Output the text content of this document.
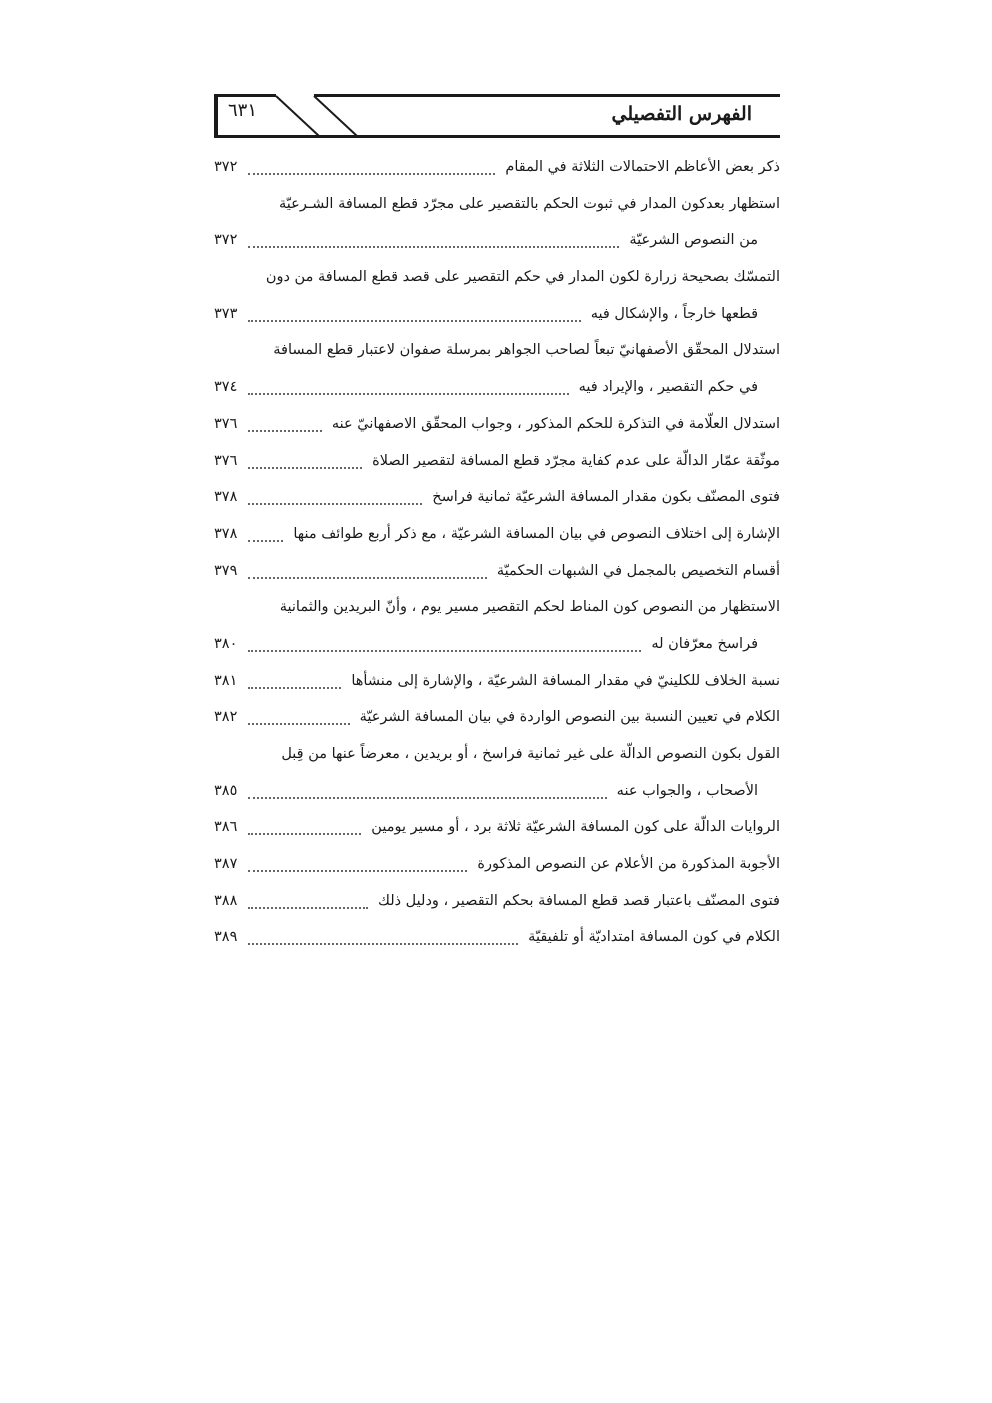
٦٣١	الفهرس التفصيلي
ذكر بعض الأعاظم الاحتمالات الثلاثة في المقام
٣٧٢
استظهار بعدكون المدار في ثبوت الحكم بالتقصير على مجرّد قطع المسافة الشـرعيّة
من النصوص الشرعيّة
٣٧٢
التمسّك بصحيحة زرارة لكون المدار في حكم التقصير على قصد قطع المسافة من دون
قطعها خارجاً ، والإشكال فيه
٣٧٣
استدلال المحقّق الأصفهانيّ تبعاً لصاحب الجواهر بمرسلة صفوان لاعتبار قطع المسافة
في حكم التقصير ، والإيراد فيه
٣٧٤
استدلال العلّامة في التذكرة للحكم المذكور ، وجواب المحقّق الاصفهانيّ عنه
٣٧٦
موثّقة عمّار الدالّة على عدم كفاية مجرّد قطع المسافة لتقصير الصلاة
٣٧٦
فتوى المصنّف بكون مقدار المسافة الشرعيّة ثمانية فراسخ
٣٧٨
الإشارة إلى اختلاف النصوص في بيان المسافة الشرعيّة ، مع ذكر أربع طوائف منها
٣٧٨
أقسام التخصيص بالمجمل في الشبهات الحكميّة
٣٧٩
الاستظهار من النصوص كون المناط لحكم التقصير مسير يوم ، وأنّ البريدين والثمانية
فراسخ معرّفان له
٣٨٠
نسبة الخلاف للكلينيّ في مقدار المسافة الشرعيّة ، والإشارة إلى منشأها
٣٨١
الكلام في تعيين النسبة بين النصوص الواردة في بيان المسافة الشرعيّة
٣٨٢
القول بكون النصوص الدالّة على غير ثمانية فراسخ ، أو بريدين ، معرضاً عنها من قِبل
الأصحاب ، والجواب عنه
٣٨٥
الروايات الدالّة على كون المسافة الشرعيّة ثلاثة برد ، أو مسير يومين
٣٨٦
الأجوبة المذكورة من الأعلام عن النصوص المذكورة
٣٨٧
فتوى المصنّف باعتبار قصد قطع المسافة بحكم التقصير ، ودليل ذلك
٣٨٨
الكلام في كون المسافة امتداديّة أو تلفيقيّة
٣٨٩
